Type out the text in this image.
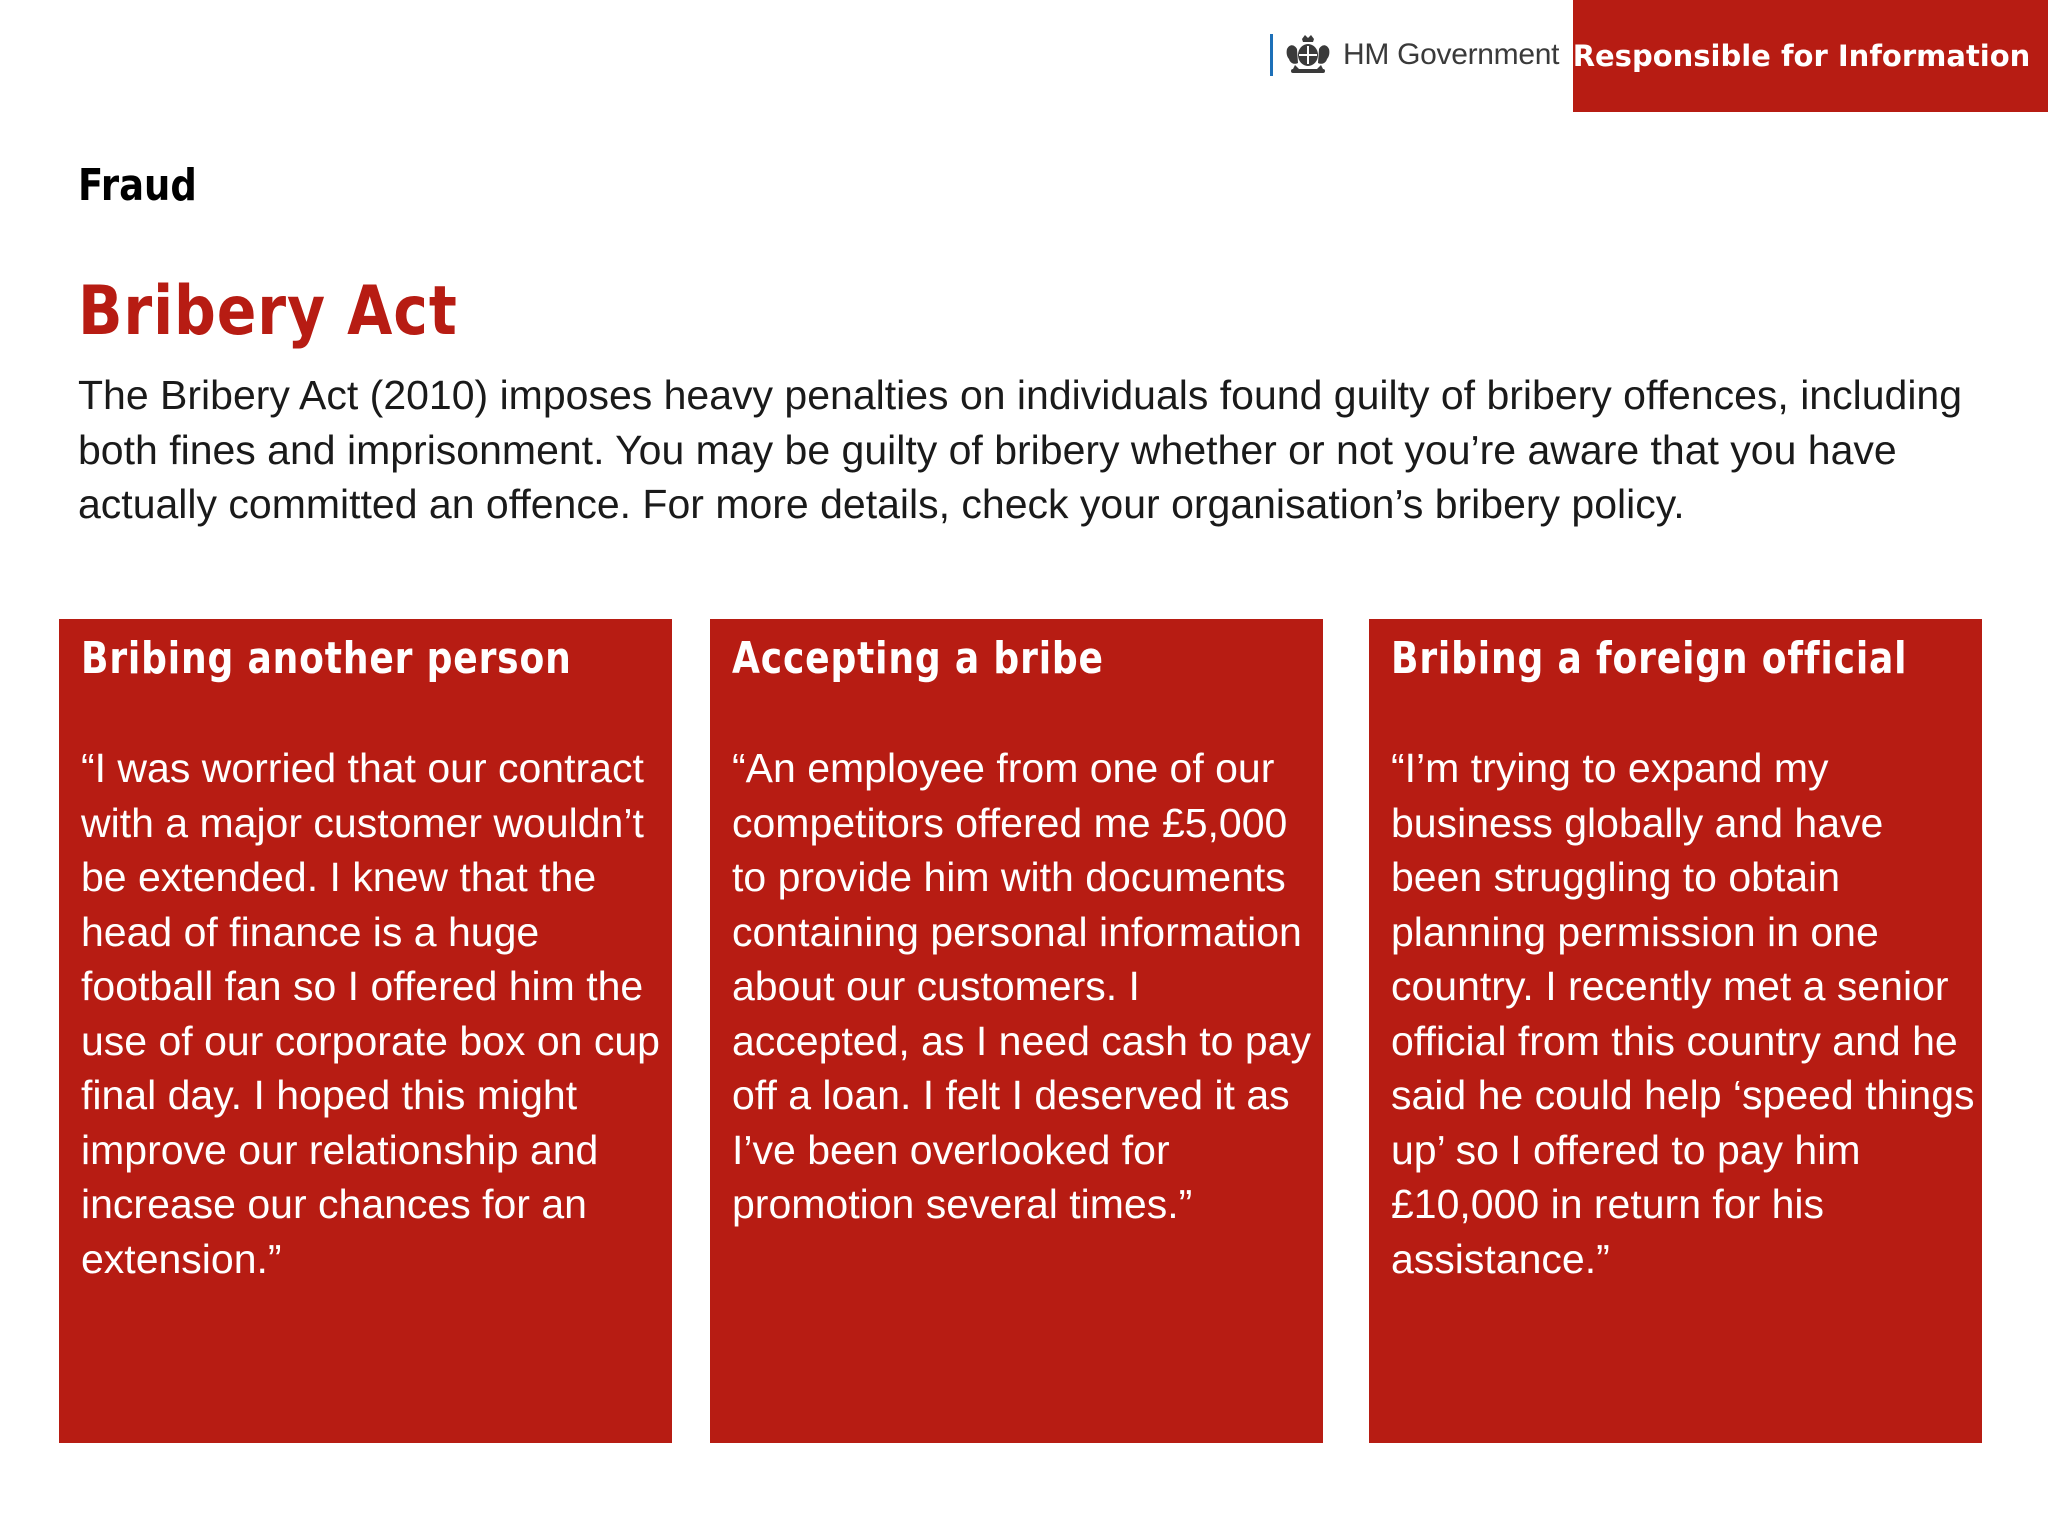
HM Government Responsible for Information
Fraud
Bribery Act

The Bribery Act (2010) imposes heavy penalties on individuals found guilty of bribery offences, including both fines and imprisonment. You may be guilty of bribery whether or not you’re aware that you have actually committed an offence. For more details, check your organisation’s bribery policy.

Bribing another person

“I was worried that our contract with a major customer wouldn’t be extended. I knew that the head of finance is a huge football fan so I offered him the use of our corporate box on cup final day. I hoped this might improve our relationship and increase our chances for an extension.”

Accepting a bribe

“An employee from one of our competitors offered me £5,000 to provide him with documents containing personal information about our customers. I accepted, as I need cash to pay off a loan. I felt I deserved it as I’ve been overlooked for promotion several times.”

Bribing a foreign official

“I’m trying to expand my business globally and have been struggling to obtain planning permission in one country. I recently met a senior official from this country and he said he could help ‘speed things up’ so I offered to pay him £10,000 in return for his assistance.”
